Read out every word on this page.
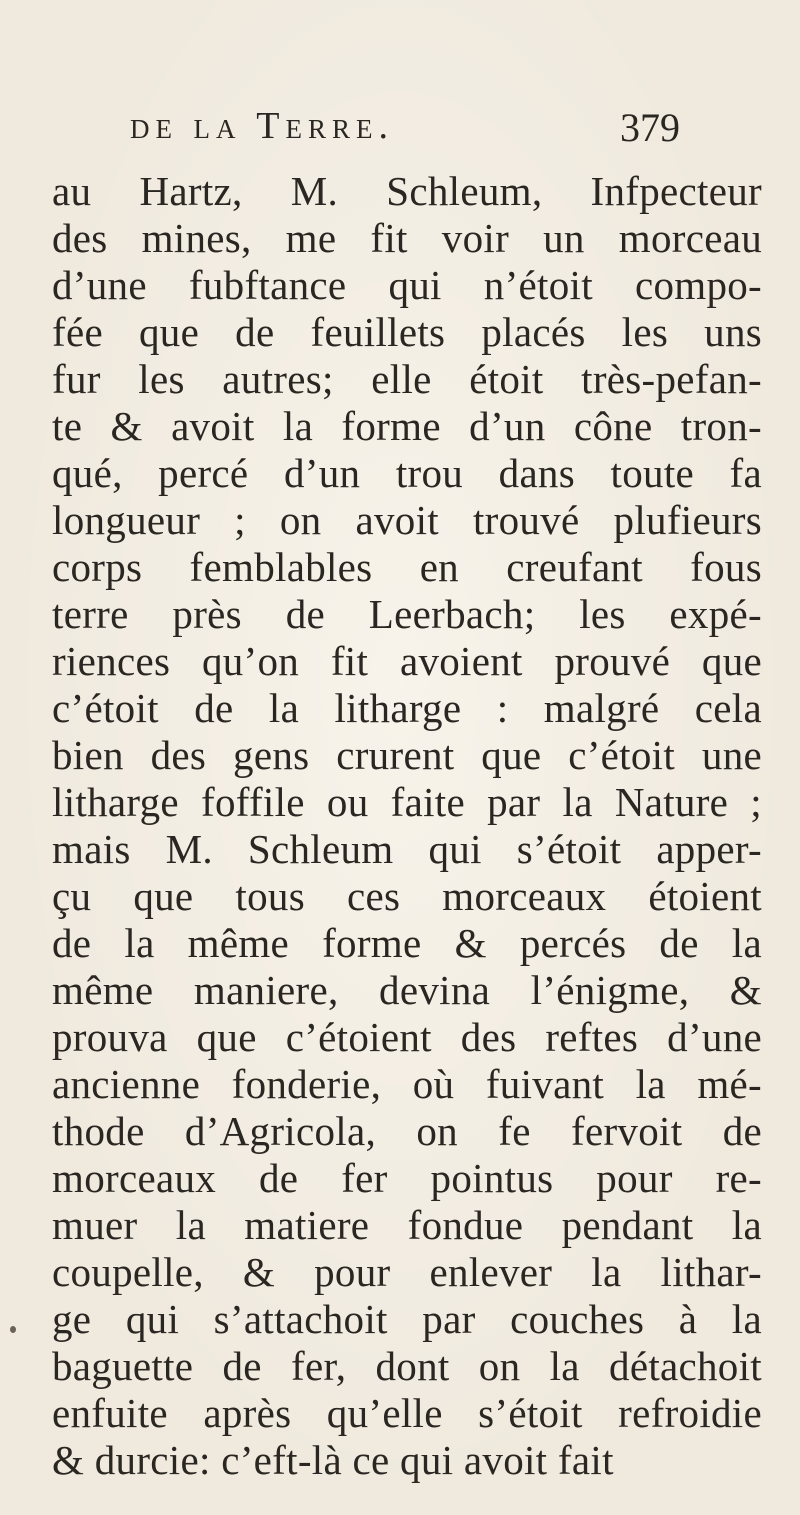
de la Terre.	379
au Hartz, M. Schleum, Infpecteur
des mines, me fit voir un morceau
d’une fubftance qui n’étoit compo-
fée que de feuillets placés les uns
fur les autres; elle étoit très-pefan-
te & avoit la forme d’un cône tron-
qué, percé d’un trou dans toute fa
longueur ; on avoit trouvé plufieurs
corps femblables en creufant fous
terre près de Leerbach; les expé-
riences qu’on fit avoient prouvé que
c’étoit de la litharge : malgré cela
bien des gens crurent que c’étoit une
litharge foffile ou faite par la Nature ;
mais M. Schleum qui s’étoit apper-
çu que tous ces morceaux étoient
de la même forme & percés de la
même maniere, devina l’énigme, &
prouva que c’étoient des reftes d’une
ancienne fonderie, où fuivant la mé-
thode d’Agricola, on fe fervoit de
morceaux de fer pointus pour re-
muer la matiere fondue pendant la
coupelle, & pour enlever la lithar-
ge qui s’attachoit par couches à la
baguette de fer, dont on la détachoit
enfuite après qu’elle s’étoit refroidie
& durcie: c’eft-là ce qui avoit fait
